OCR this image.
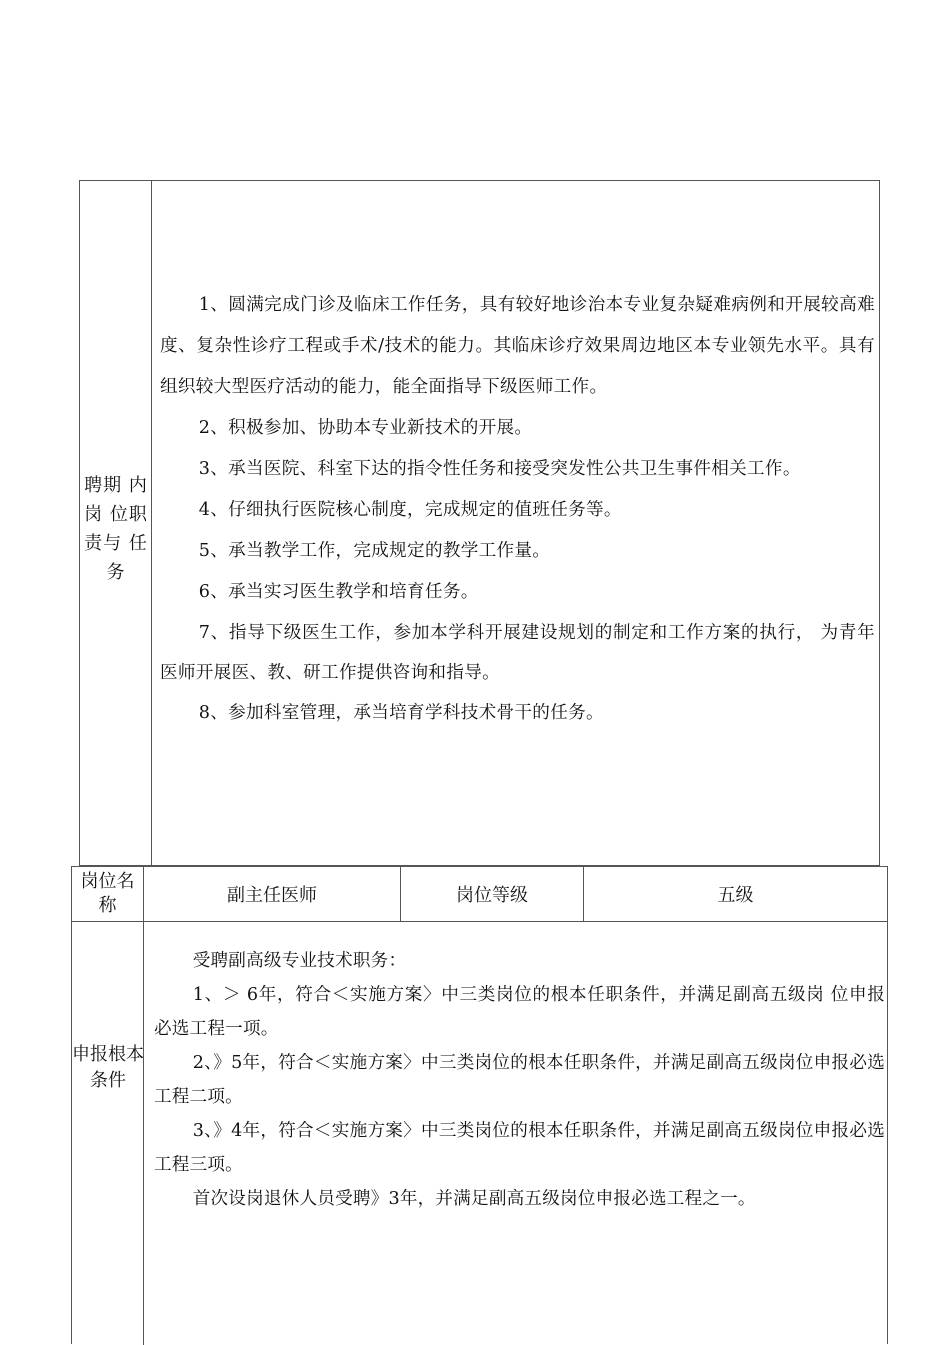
聘期 内岗 位职责与 任务

1、圆满完成门诊及临床工作任务，具有较好地诊治本专业复杂疑难病例和开展较高难度、复杂性诊疗工程或手术/技术的能力。其临床诊疗效果周边地区本专业领先水平。具有组织较大型医疗活动的能力，能全面指导下级医师工作。

2、积极参加、协助本专业新技术的开展。

3、承当医院、科室下达的指令性任务和接受突发性公共卫生事件相关工作。

4、仔细执行医院核心制度，完成规定的值班任务等。

5、承当教学工作，完成规定的教学工作量。

6、承当实习医生教学和培育任务。

7、指导下级医生工作，参加本学科开展建设规划的制定和工作方案的执行， 为青年医师开展医、教、研工作提供咨询和指导。

8、参加科室管理，承当培育学科技术骨干的任务。

岗位名称	副主任医师	岗位等级	五级
申报根本条件

受聘副高级专业技术职务：

1、＞ 6年，符合＜实施方案〉中三类岗位的根本任职条件，并满足副高五级岗 位申报必选工程一项。

2、》5年，符合＜实施方案〉中三类岗位的根本任职条件，并满足副高五级岗位申报必选工程二项。

3、》4年，符合＜实施方案〉中三类岗位的根本任职条件，并满足副高五级岗位申报必选工程三项。

首次设岗退休人员受聘》3年，并满足副高五级岗位申报必选工程之一。
